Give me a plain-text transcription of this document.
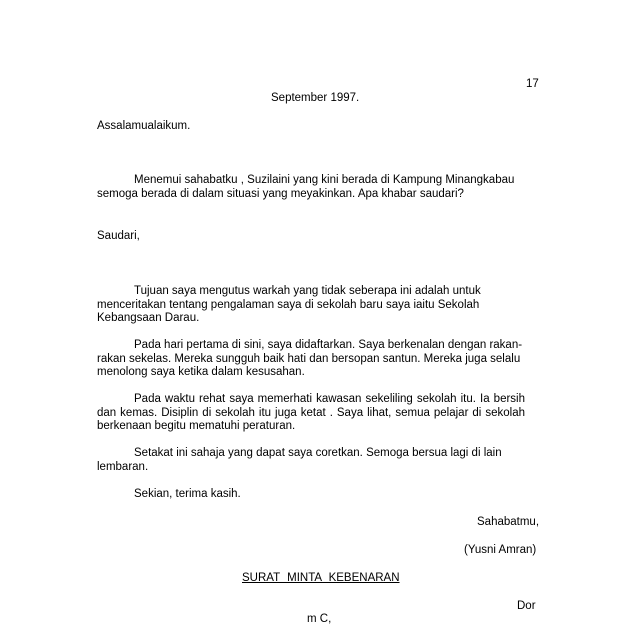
17
September 1997.
Assalamualaikum.
Menemui sahabatku , Suzilaini yang kini berada di Kampung Minangkabau semoga berada di dalam situasi yang meyakinkan. Apa khabar saudari?
Saudari,
Tujuan saya mengutus warkah yang tidak seberapa ini adalah untuk menceritakan tentang pengalaman saya di sekolah baru saya iaitu Sekolah Kebangsaan Darau.
Pada hari pertama di sini, saya didaftarkan. Saya berkenalan dengan rakan-rakan sekelas. Mereka sungguh baik hati dan bersopan santun. Mereka juga selalu menolong saya ketika dalam kesusahan.
Pada waktu rehat saya memerhati kawasan sekeliling sekolah itu. Ia bersih dan kemas. Disiplin di sekolah itu juga ketat . Saya lihat, semua pelajar di sekolah berkenaan begitu mematuhi peraturan.
Setakat ini sahaja yang dapat saya coretkan. Semoga bersua lagi di lain lembaran.
Sekian, terima kasih.
Sahabatmu,
(Yusni Amran)
SURAT MINTA KEBENARAN
Dor
m C,
